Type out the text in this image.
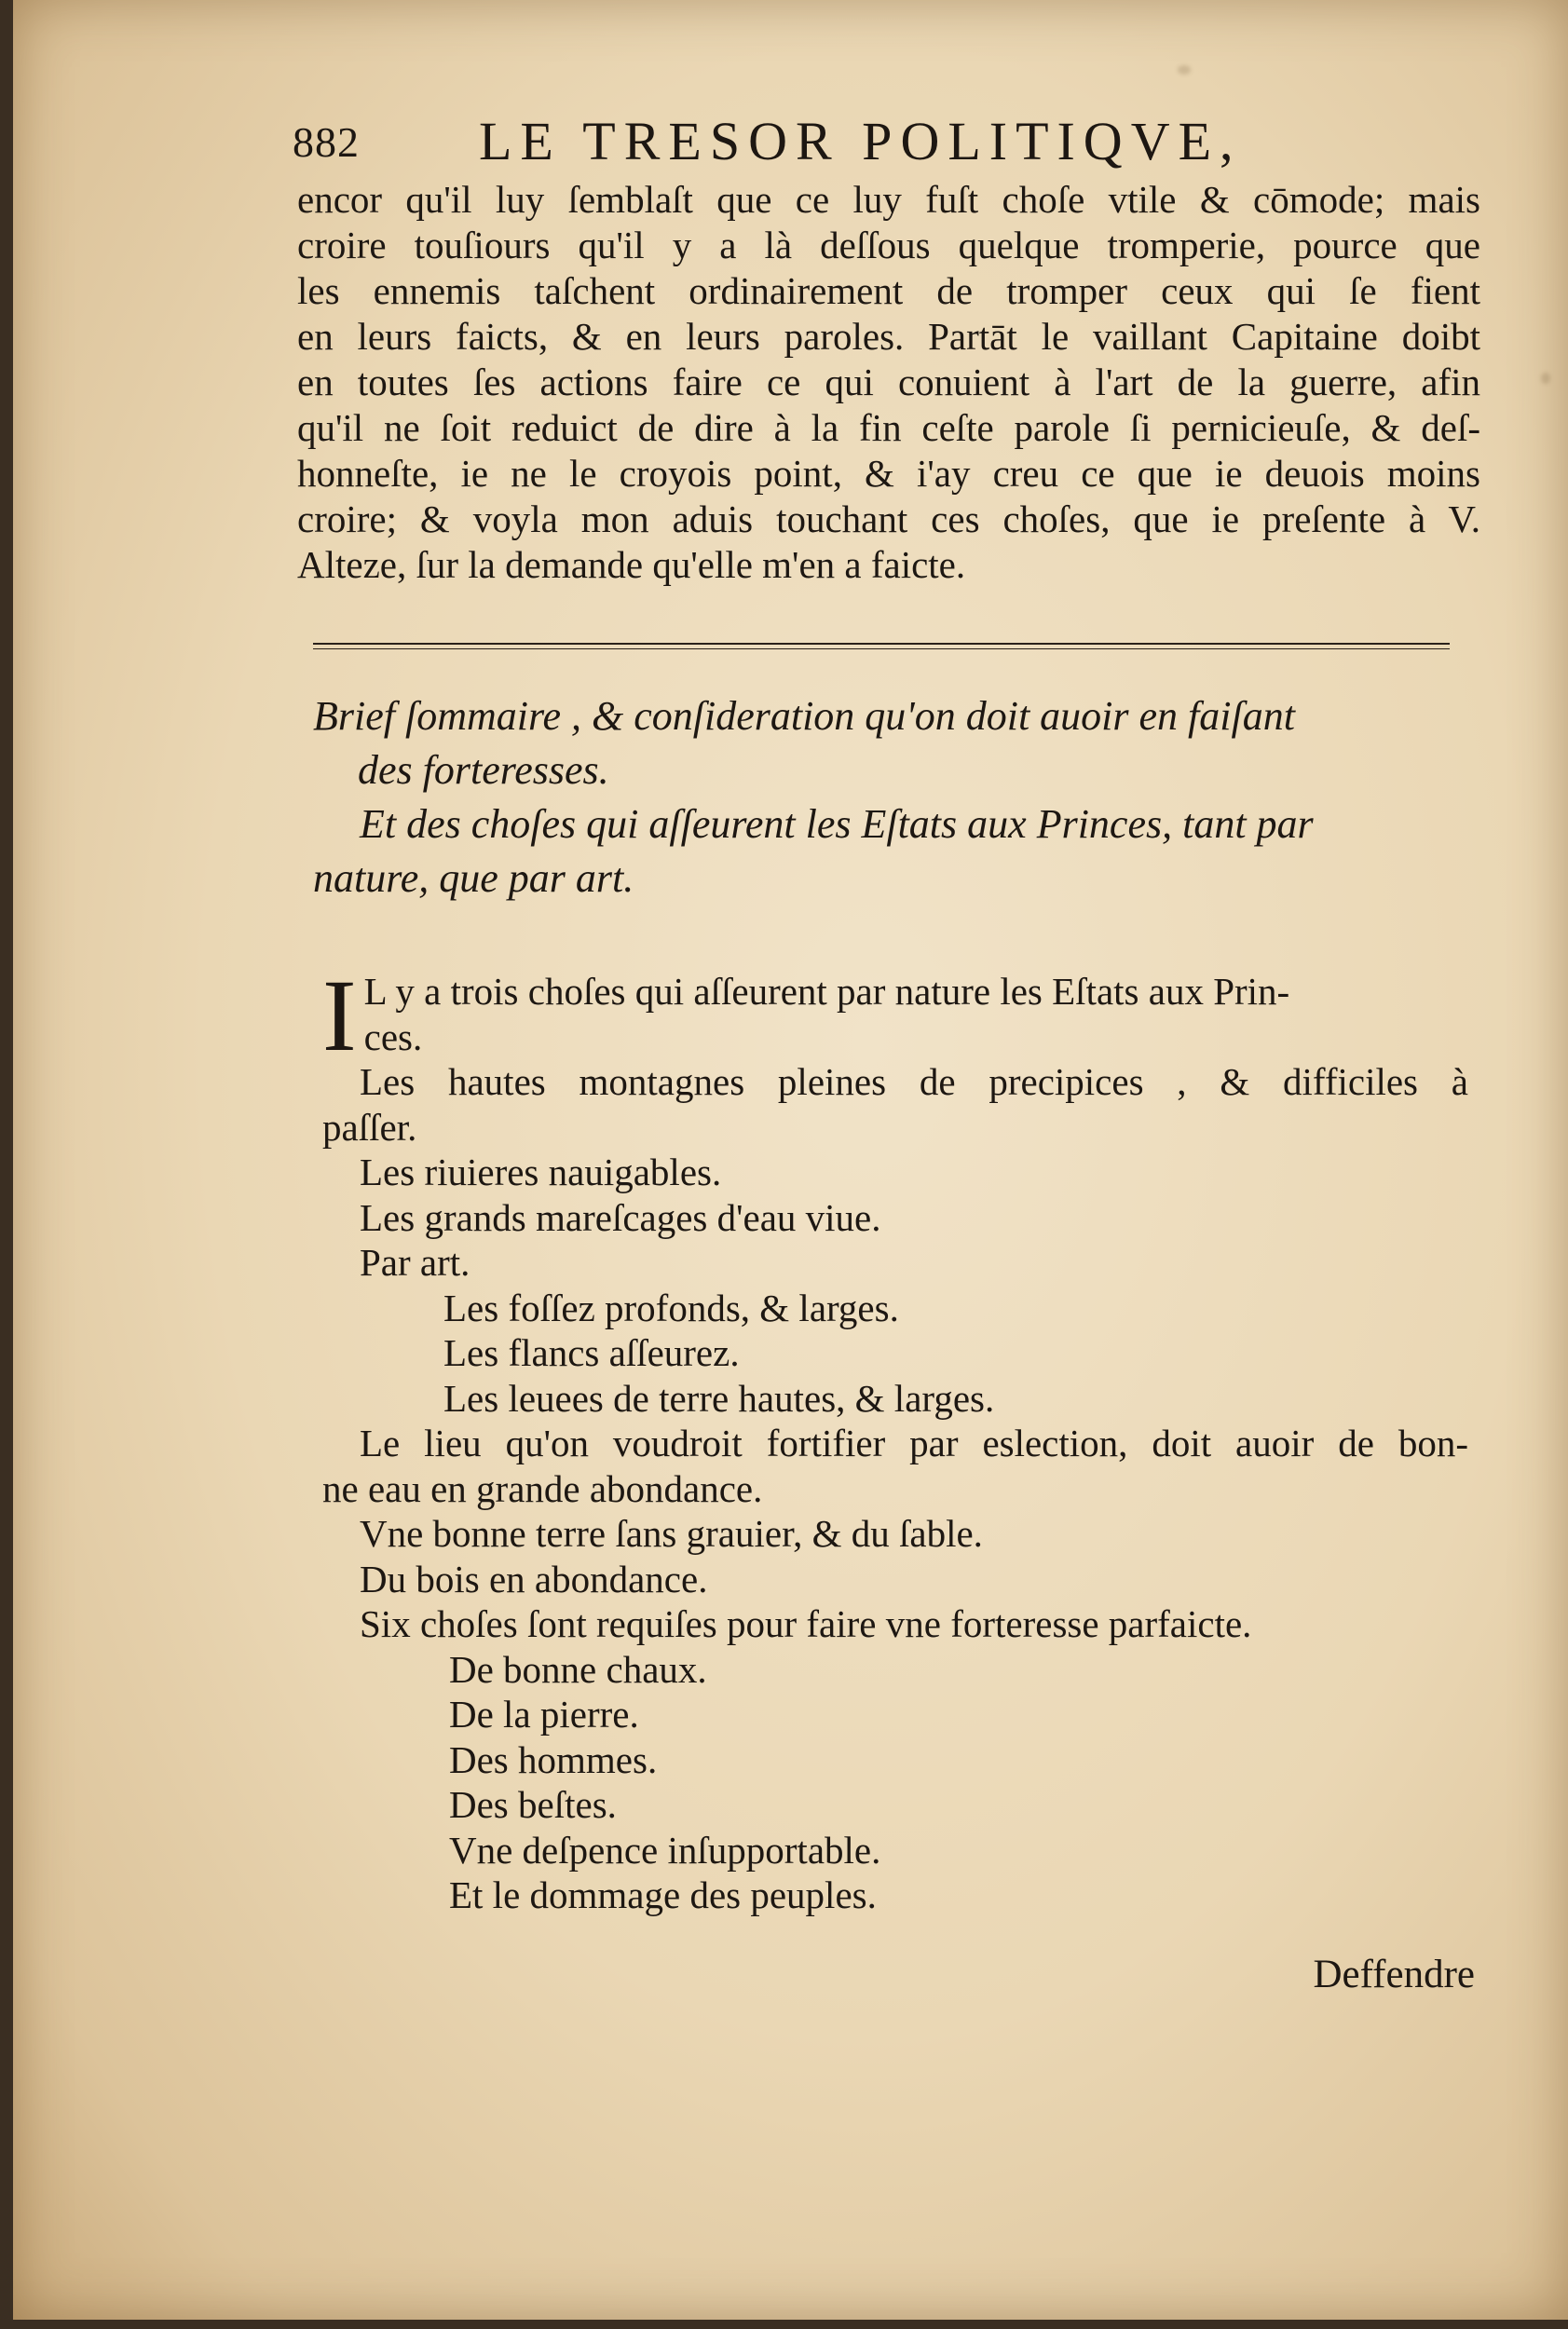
882 LE TRESOR POLITIQVE,
encor qu'il luy ſemblaſt que ce luy fuſt choſe vtile & cōmode; mais
croire touſiours qu'il y a là deſſous quelque tromperie, pource que
les ennemis taſchent ordinairement de tromper ceux qui ſe fient
en leurs faicts, & en leurs paroles. Partāt le vaillant Capitaine doibt
en toutes ſes actions faire ce qui conuient à l'art de la guerre, afin
qu'il ne ſoit reduict de dire à la fin ceſte parole ſi pernicieuſe, & deſ-
honneſte, ie ne le croyois point, & i'ay creu ce que ie deuois moins
croire; & voyla mon aduis touchant ces choſes, que ie preſente à V.
Alteze, ſur la demande qu'elle m'en a faicte.
Brief ſommaire , & conſideration qu'on doit auoir en faiſant
des forteresses.
Et des choſes qui aſſeurent les Eſtats aux Princes, tant par
nature, que par art.
I L y a trois choſes qui aſſeurent par nature les Eſtats aux Prin-
ces.
Les hautes montagnes pleines de precipices , & difficiles à
paſſer.
Les riuieres nauigables.
Les grands mareſcages d'eau viue.
Par art.
Les foſſez profonds, & larges.
Les flancs aſſeurez.
Les leuees de terre hautes, & larges.
Le lieu qu'on voudroit fortifier par eslection, doit auoir de bon-
ne eau en grande abondance.
Vne bonne terre ſans grauier, & du ſable.
Du bois en abondance.
Six choſes ſont requiſes pour faire vne forteresse parfaicte.
De bonne chaux.
De la pierre.
Des hommes.
Des beſtes.
Vne deſpence inſupportable.
Et le dommage des peuples.
Deffendre
